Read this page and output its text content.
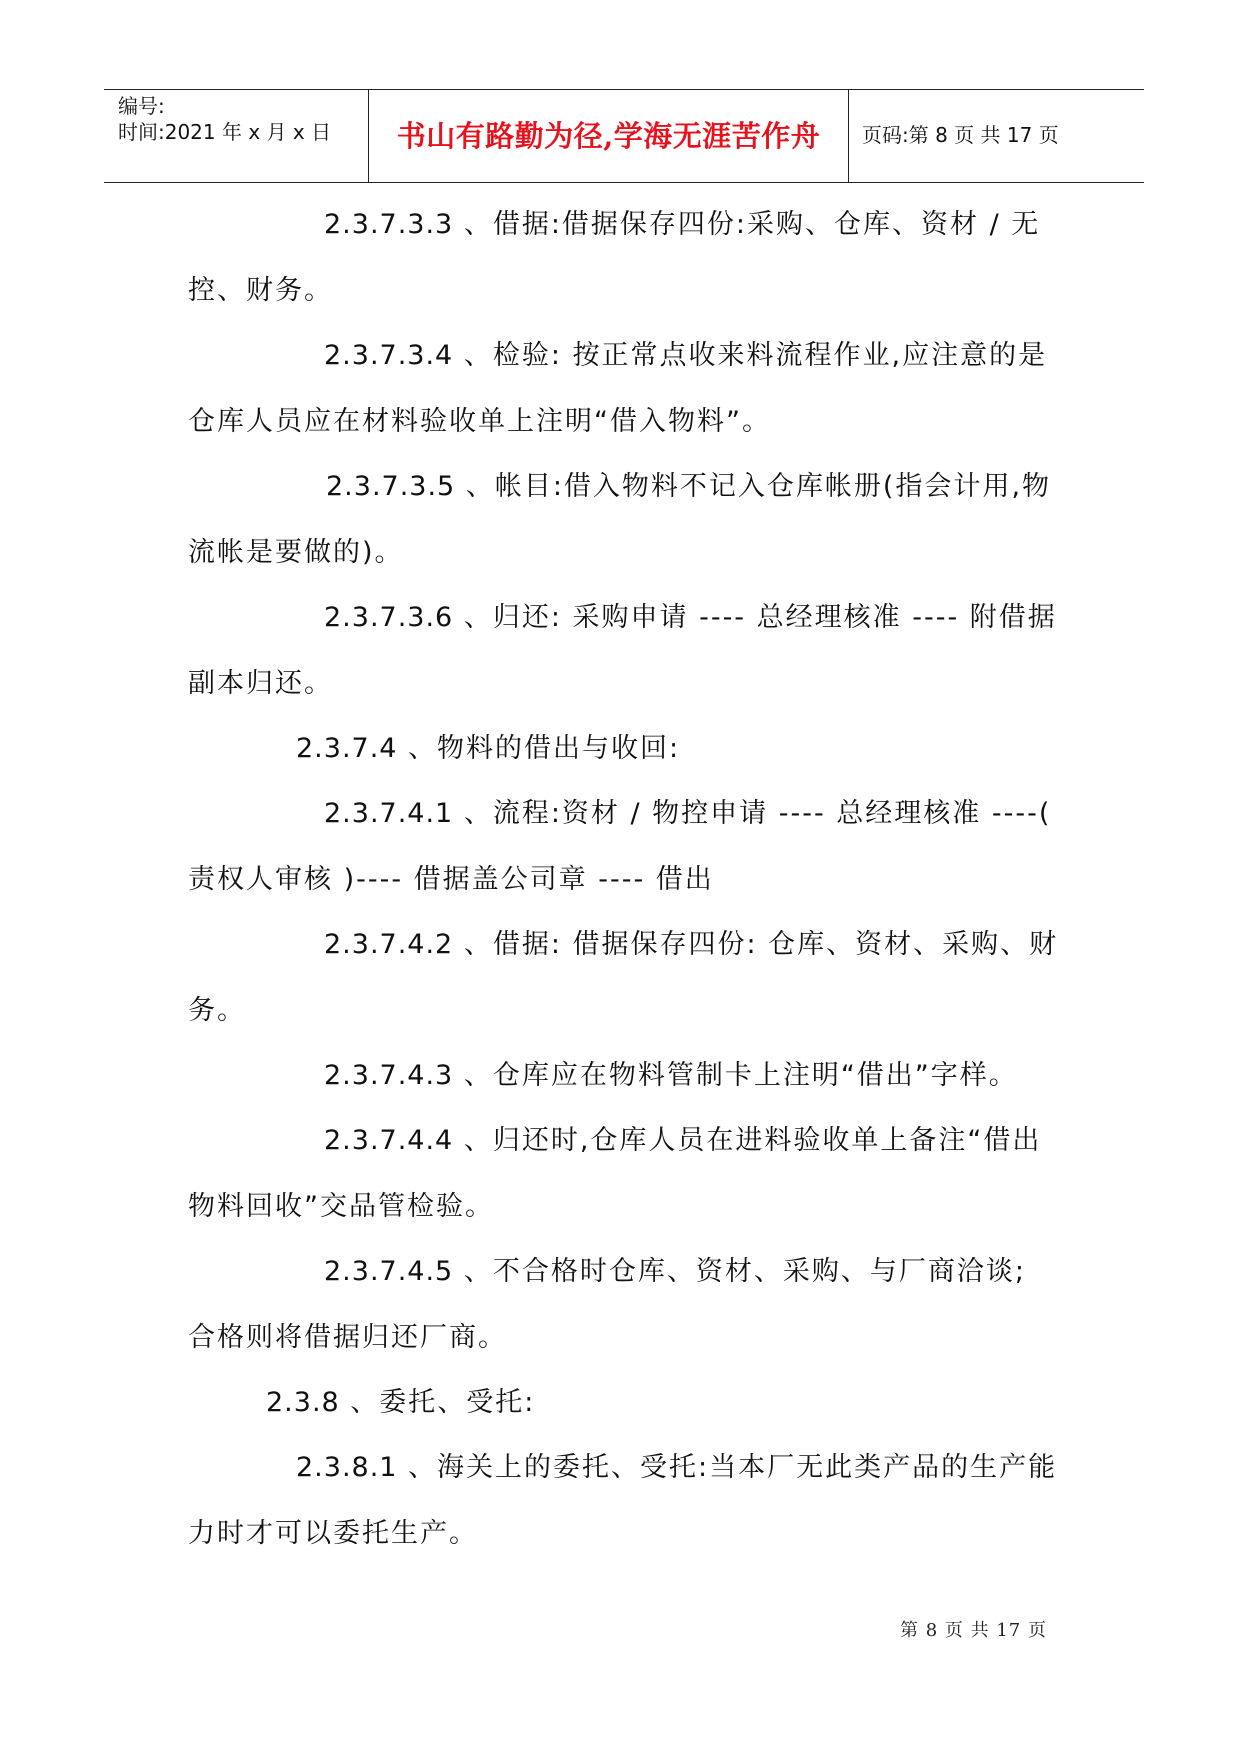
编号:
时间:2021 年 x 月 x 日	书山有路勤为径,学海无涯苦作舟	页码:第 8 页 共 17 页
2.3.7.3.3 、借据:借据保存四份:采购、仓库、资材 / 无控、财务。
2.3.7.3.4 、检验: 按正常点收来料流程作业,应注意的是仓库人员应在材料验收单上注明“借入物料”。
2.3.7.3.5 、帐目:借入物料不记入仓库帐册(指会计用,物流帐是要做的)。
2.3.7.3.6 、归还: 采购申请 ---- 总经理核准 ---- 附借据副本归还。
2.3.7.4 、物料的借出与收回:
2.3.7.4.1 、流程:资材 / 物控申请 ---- 总经理核准 ----( 责权人审核 )---- 借据盖公司章 ---- 借出
2.3.7.4.2 、借据: 借据保存四份: 仓库、资材、采购、财务。
2.3.7.4.3 、仓库应在物料管制卡上注明“借出”字样。
2.3.7.4.4 、归还时,仓库人员在进料验收单上备注“借出物料回收”交品管检验。
2.3.7.4.5 、不合格时仓库、资材、采购、与厂商洽谈; 合格则将借据归还厂商。
2.3.8 、委托、受托:
2.3.8.1 、海关上的委托、受托:当本厂无此类产品的生产能力时才可以委托生产。
第 8 页 共 17 页
